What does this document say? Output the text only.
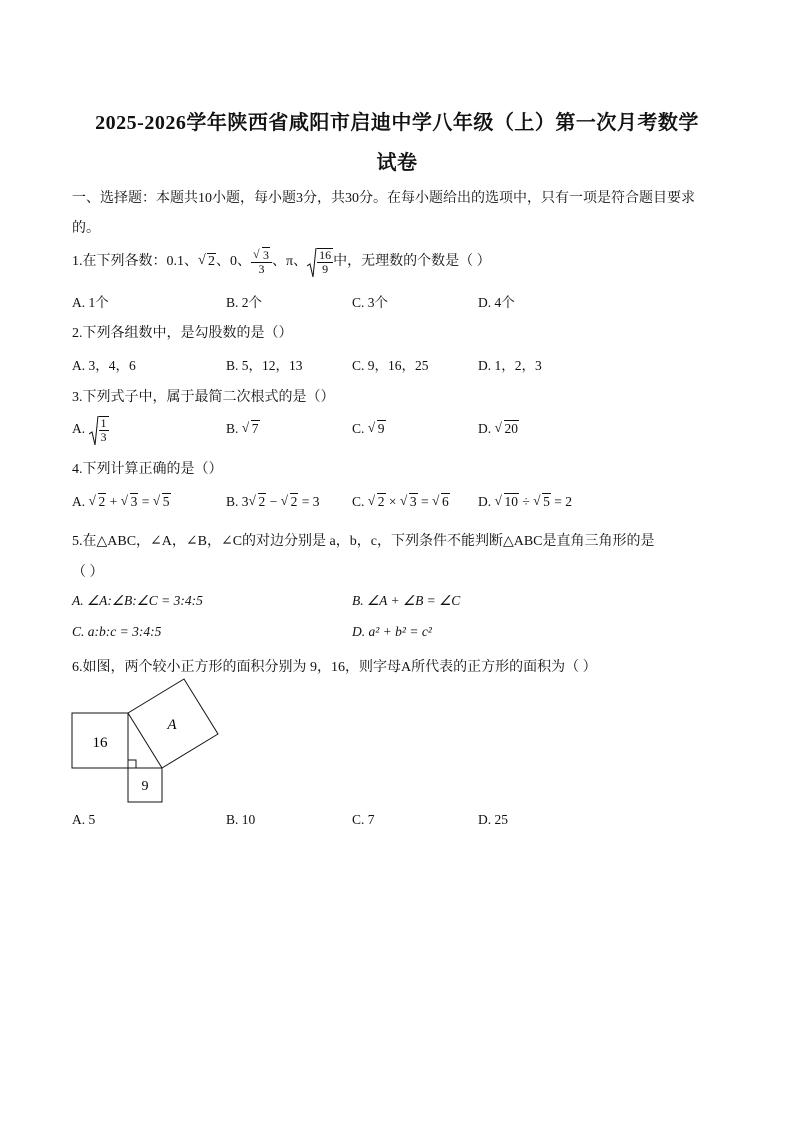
2025-2026学年陕西省咸阳市启迪中学八年级（上）第一次月考数学
试卷
一、选择题：本题共10小题，每小题3分，共30分。在每小题给出的选项中，只有一项是符合题目要求
的。
1.在下列各数：0.1、 √ 2、0、 √ $\frac{3}{3}$ 、π、 $\frac{16}{9}$ 中，无理数的个数是（ ）
A. 1个	B. 2个	C. 3个	D. 4个
2.下列各组数中，是勾股数的是（）
A. 3，4，6	B. 5，12，13	C. 9，16，25	D. 1，2，3
3.下列式子中，属于最简二次根式的是（）
A. $\frac{1}{3}$	B. √ 7	C. √ 9	D. √ 20
4.下列计算正确的是（）
A. √ 2 + √ 3 = √ 5	B. 3 √ 2 − √ 2 = 3 C. √ 2 × √ 3 = √ 6 D. √ 10 ÷ √ 5 = 2
5.在△ABC，∠A，∠B，∠C的对边分别是 a，b，c，下列条件不能判断△ABC是直角三角形的是
（ ）
A. ∠A:∠B:∠C = 3:4:5	B. ∠A + ∠B = ∠C
C. a:b:c = 3:4:5	D. a² + b² = c²
6.如图，两个较小正方形的面积分别为 9，16，则字母A所代表的正方形的面积为（ ）
16
9
A
A. 5	B. 10	C. 7	D. 25
